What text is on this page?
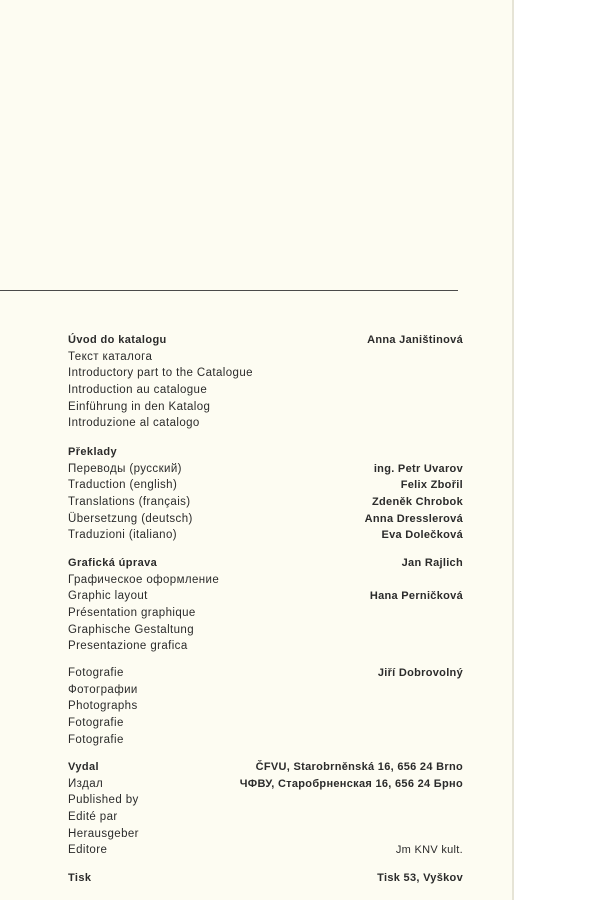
Úvod do katalogu	Anna Janištinová
Текст каталога
Introductory part to the Catalogue
Introduction au catalogue
Einführung in den Katalog
Introduzione al catalogo
Překlady
Переводы (русский)	ing. Petr Uvarov
Traduction (english)	Felix Zbořil
Translations (français)	Zdeněk Chrobok
Übersetzung (deutsch)	Anna Dresslerová
Traduzioni (italiano)	Eva Dolečková
Grafická úprava	Jan Rajlich
Графическое оформление
Graphic layout	Hana Perničková
Présentation graphique
Graphische Gestaltung
Presentazione grafica
Fotografie	Jiří Dobrovolný
Фотографии
Photographs
Fotografie
Fotografie
Vydal	ČFVU, Starobrněnská 16, 656 24 Brno
Издал	ЧФВУ, Старобрненская 16, 656 24 Брно
Published by
Edité par
Herausgeber
Editore	Jm KNV kult.
Tisk	Tisk 53, Vyškov
